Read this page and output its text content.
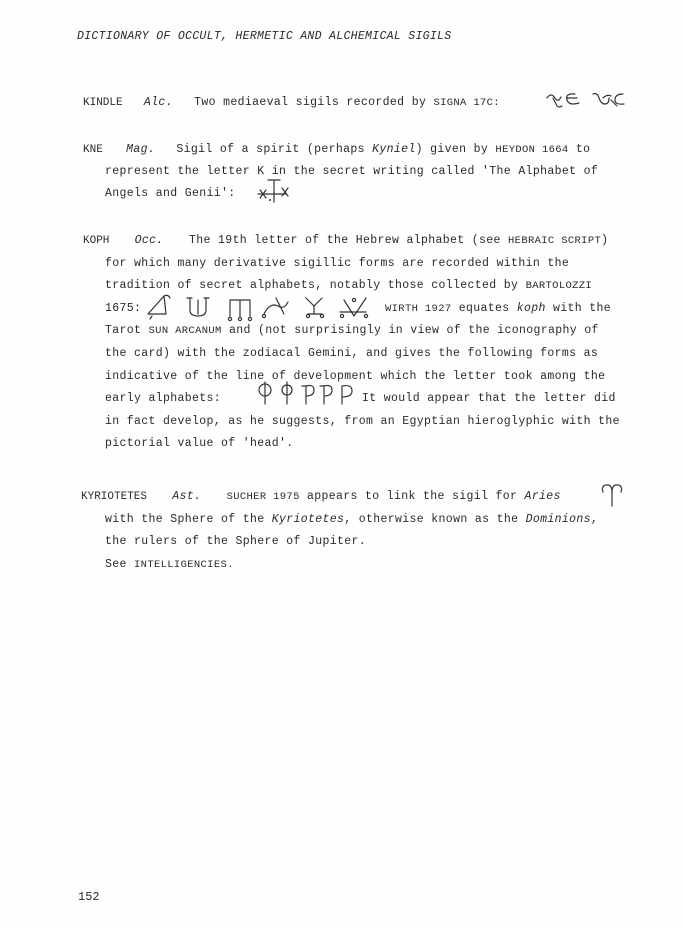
DICTIONARY OF OCCULT, HERMETIC AND ALCHEMICAL SIGILS
KINDLE Alc. Two mediaeval sigils recorded by SIGNA 17C:
KNE Mag. Sigil of a spirit (perhaps Kyniel) given by HEYDON 1664 to
represent the letter K in the secret writing called 'The Alphabet of
Angels and Genii':
KOPH Occ. The 19th letter of the Hebrew alphabet (see HEBRAIC SCRIPT)
for which many derivative sigillic forms are recorded within the
tradition of secret alphabets, notably those collected by BARTOLOZZI
1675:	WIRTH 1927 equates koph with the
Tarot SUN ARCANUM and (not surprisingly in view of the iconography of
the card) with the zodiacal Gemini, and gives the following forms as
indicative of the line of development which the letter took among the
early alphabets:	It would appear that the letter did
in fact develop, as he suggests, from an Egyptian hieroglyphic with the
pictorial value of 'head'.
KYRIOTETES Ast. SUCHER 1975 appears to link the sigil for Aries
with the Sphere of the Kyriotetes, otherwise known as the Dominions,
the rulers of the Sphere of Jupiter.
See INTELLIGENCIES.
152
